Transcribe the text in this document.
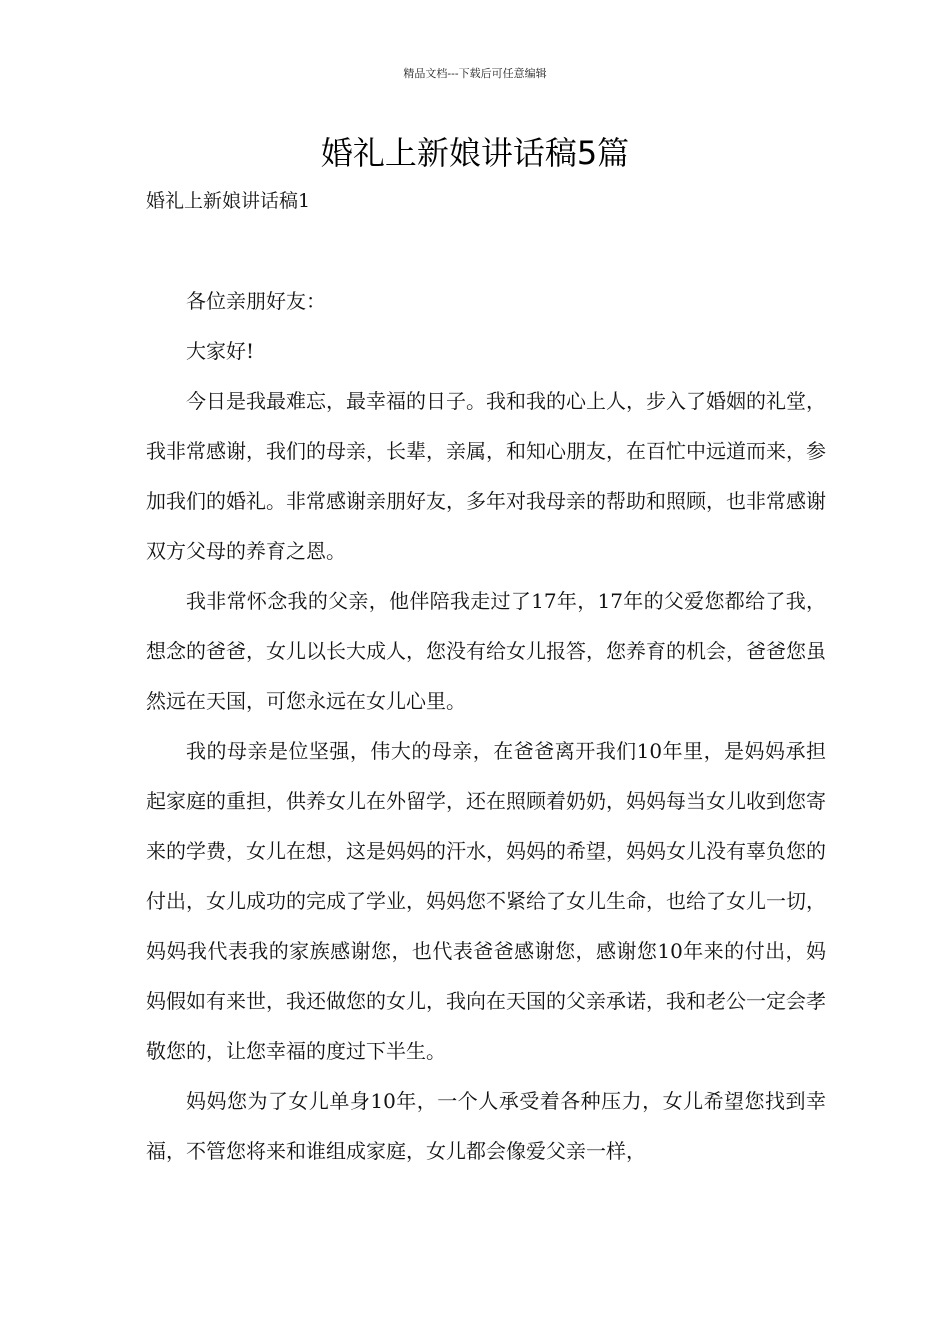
精品文档---下载后可任意编辑
婚礼上新娘讲话稿5篇
婚礼上新娘讲话稿1

各位亲朋好友：

大家好!

今日是我最难忘，最幸福的日子。我和我的心上人，步入了婚姻的礼堂，我非常感谢，我们的母亲，长辈，亲属，和知心朋友，在百忙中远道而来，参加我们的婚礼。非常感谢亲朋好友，多年对我母亲的帮助和照顾，也非常感谢双方父母的养育之恩。

我非常怀念我的父亲，他伴陪我走过了17年，17年的父爱您都给了我，想念的爸爸，女儿以长大成人，您没有给女儿报答，您养育的机会，爸爸您虽然远在天国，可您永远在女儿心里。

我的母亲是位坚强，伟大的母亲，在爸爸离开我们10年里，是妈妈承担起家庭的重担，供养女儿在外留学，还在照顾着奶奶，妈妈每当女儿收到您寄来的学费，女儿在想，这是妈妈的汗水，妈妈的希望，妈妈女儿没有辜负您的付出，女儿成功的完成了学业，妈妈您不紧给了女儿生命，也给了女儿一切，妈妈我代表我的家族感谢您，也代表爸爸感谢您，感谢您10年来的付出，妈妈假如有来世，我还做您的女儿，我向在天国的父亲承诺，我和老公一定会孝敬您的，让您幸福的度过下半生。

妈妈您为了女儿单身10年，一个人承受着各种压力，女儿希望您找到幸福，不管您将来和谁组成家庭，女儿都会像爱父亲一样，
